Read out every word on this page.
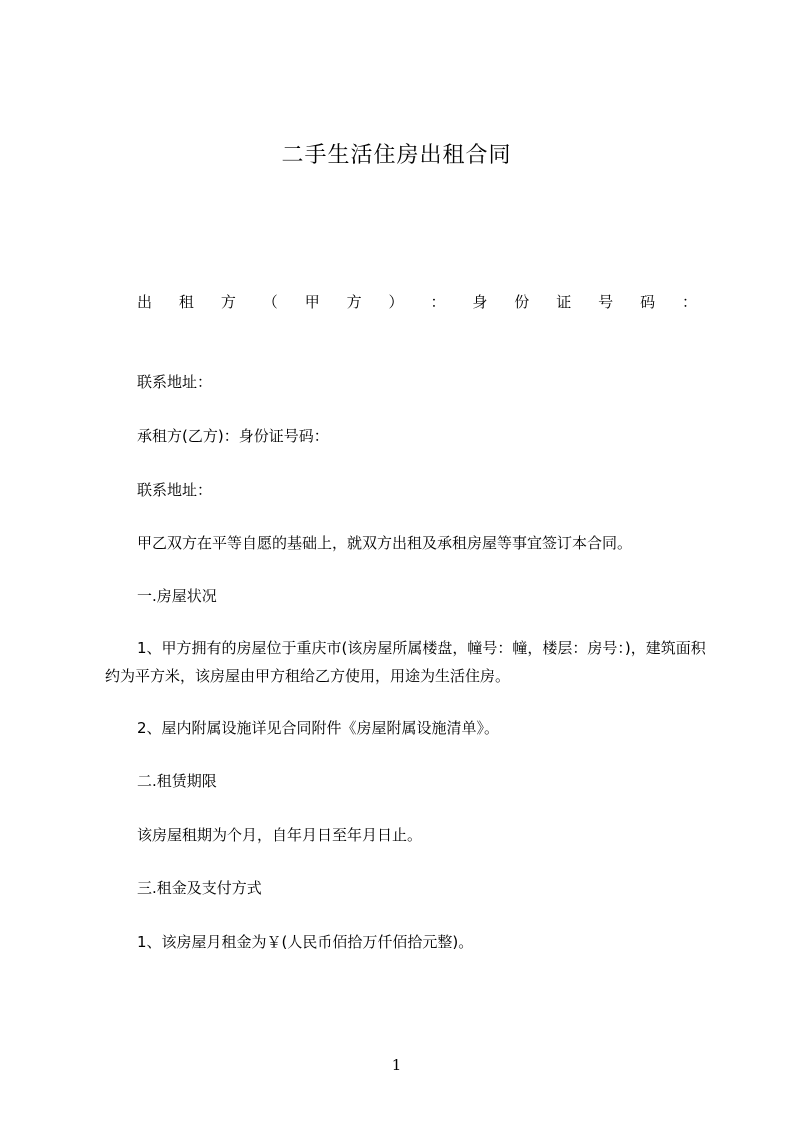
二手生活住房出租合同
出 租 方 （ 甲 方 ） ： 身 份 证 号 码 ：
联系地址：
承租方(乙方)：身份证号码：
联系地址：
甲乙双方在平等自愿的基础上，就双方出租及承租房屋等事宜签订本合同。
一.房屋状况
1、甲方拥有的房屋位于重庆市(该房屋所属楼盘，幢号：幢，楼层：房号：)，建筑面积约为平方米，该房屋由甲方租给乙方使用，用途为生活住房。
2、屋内附属设施详见合同附件《房屋附属设施清单》。
二.租赁期限
该房屋租期为个月，自年月日至年月日止。
三.租金及支付方式
1、该房屋月租金为￥(人民币佰拾万仟佰拾元整)。
1
